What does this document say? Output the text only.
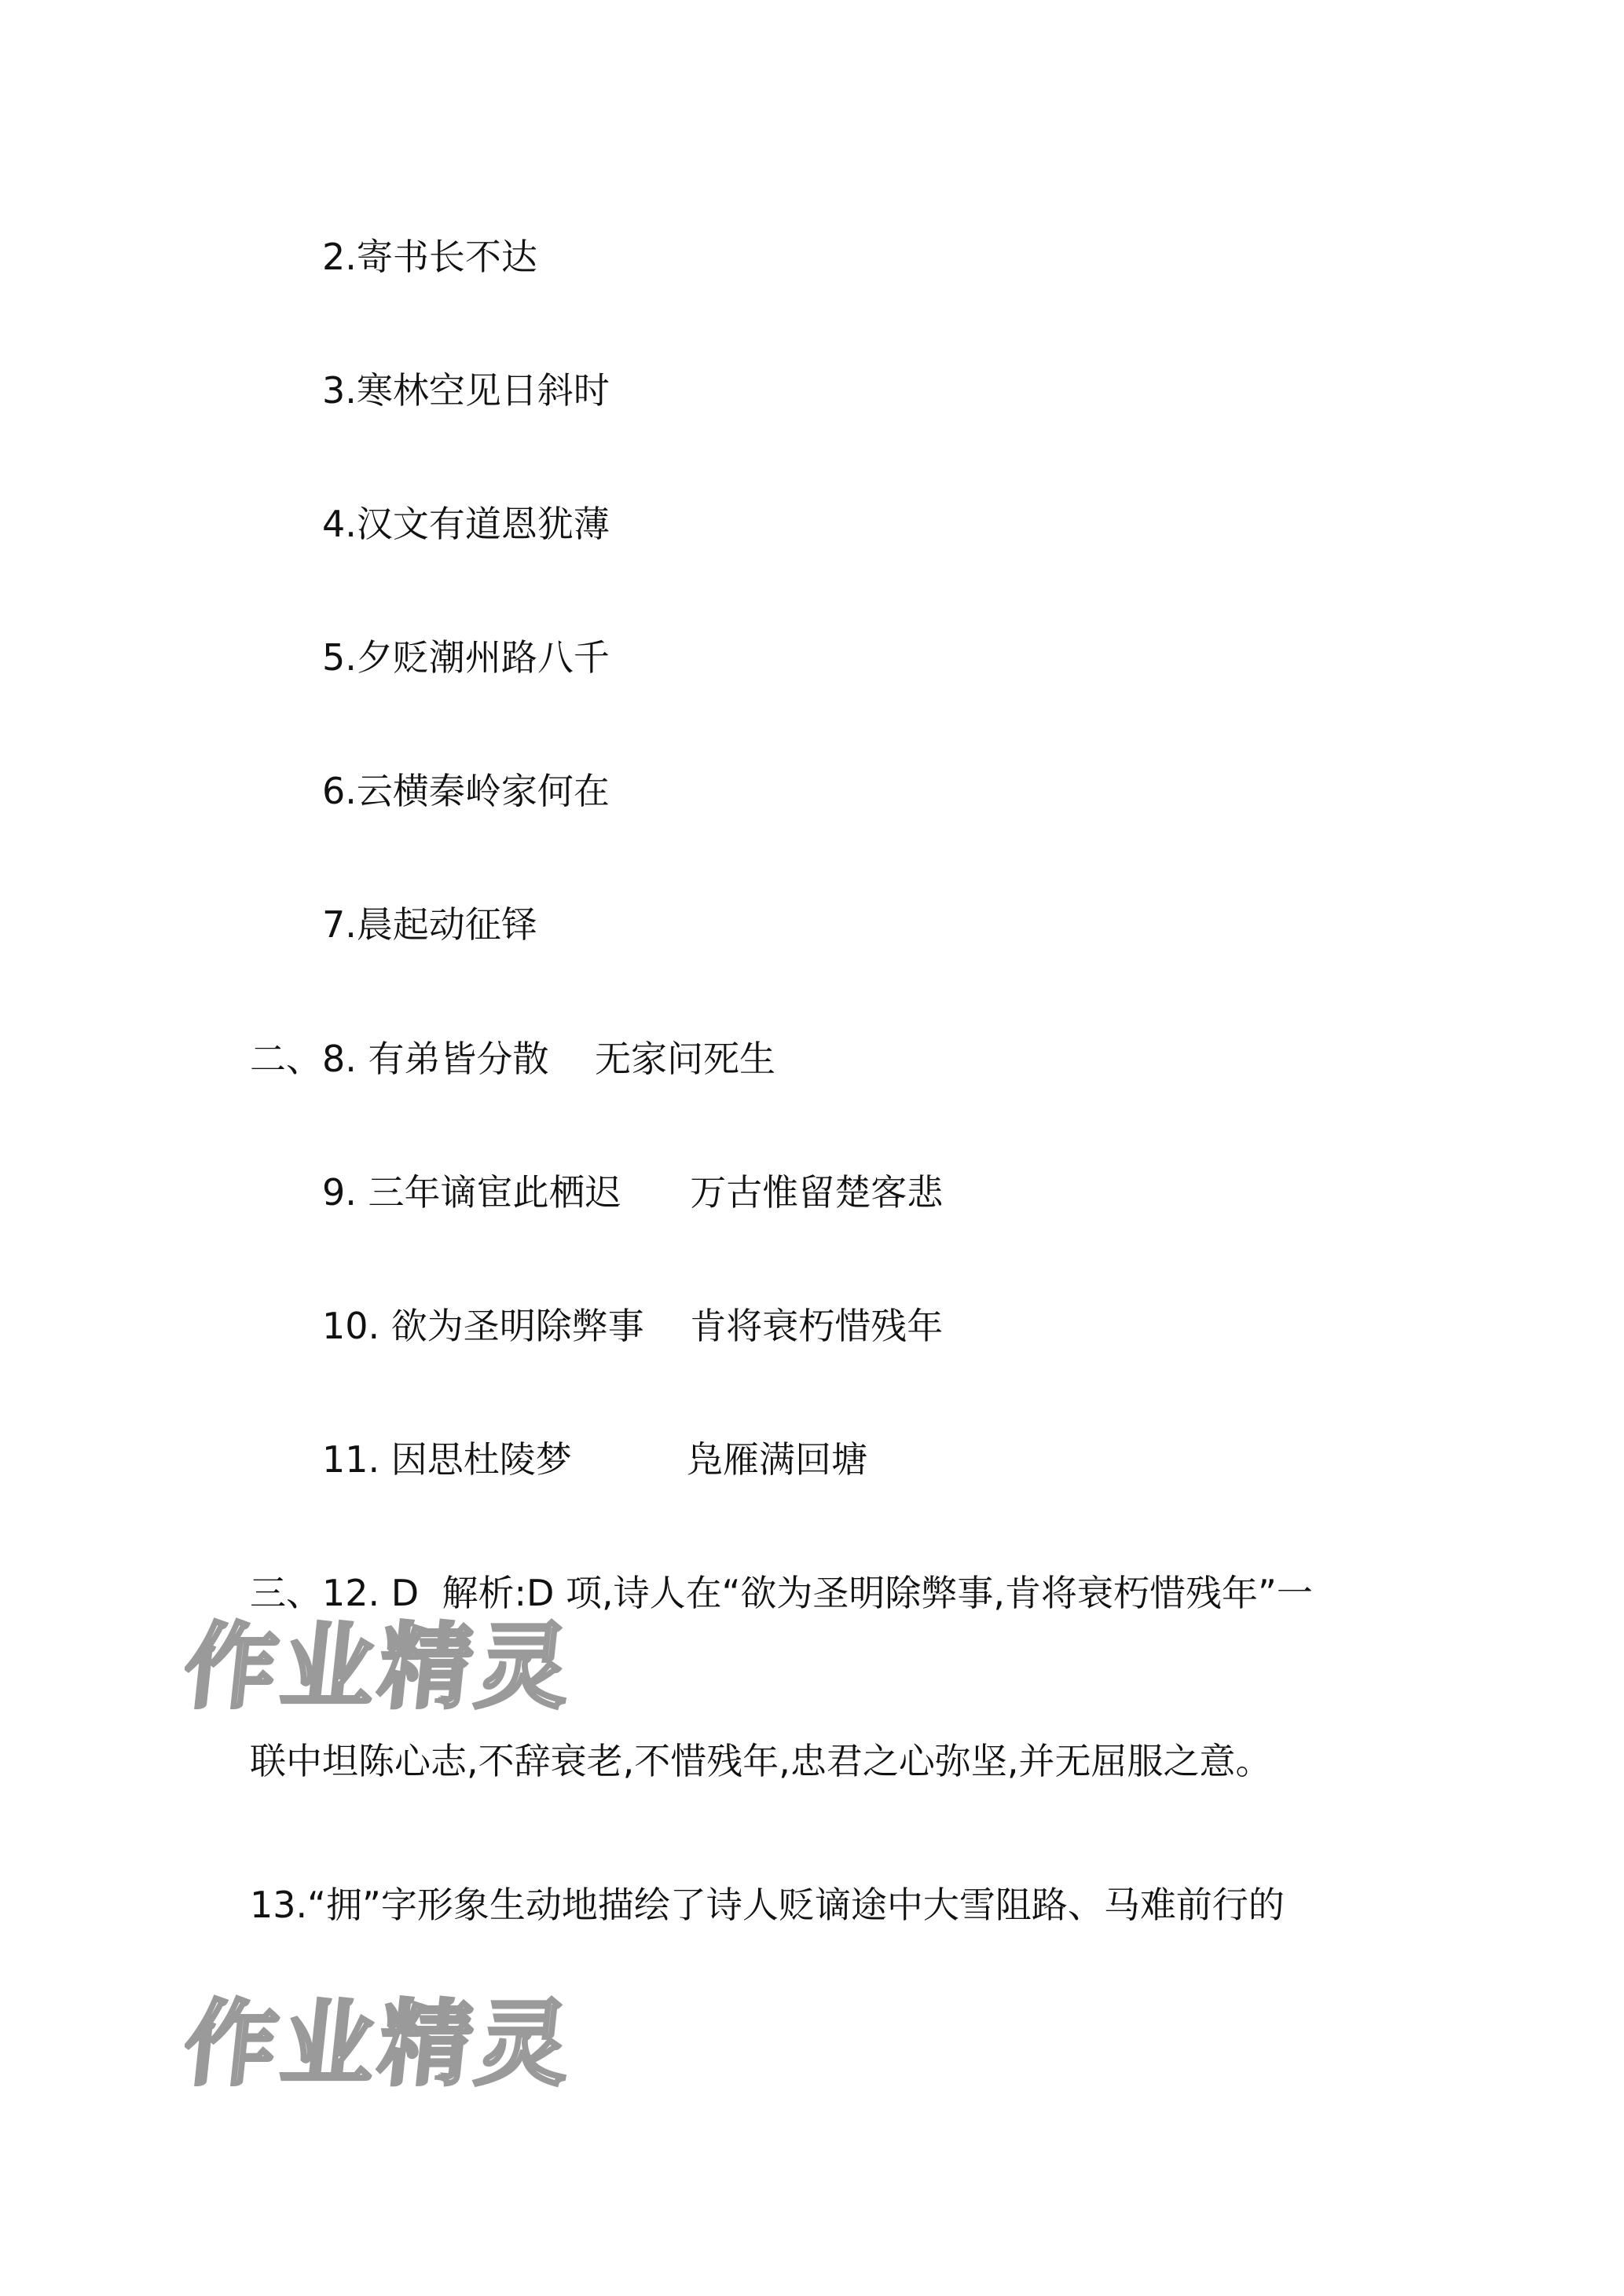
2.寄书长不达
3.寒林空见日斜时
4.汉文有道恩犹薄
5.夕贬潮州路八千
6.云横秦岭家何在
7.晨起动征铎
二、8. 有弟皆分散    无家问死生
9. 三年谪宦此栖迟      万古惟留楚客悲
10. 欲为圣明除弊事    肯将衰朽惜残年
11. 因思杜陵梦          凫雁满回塘
三、12. D  解析:D 项,诗人在“欲为圣明除弊事,肯将衰朽惜残年”一
联中坦陈心志,不辞衰老,不惜残年,忠君之心弥坚,并无屈服之意。
13.“拥”字形象生动地描绘了诗人贬谪途中大雪阻路、马难前行的
作业精灵
作业精灵
